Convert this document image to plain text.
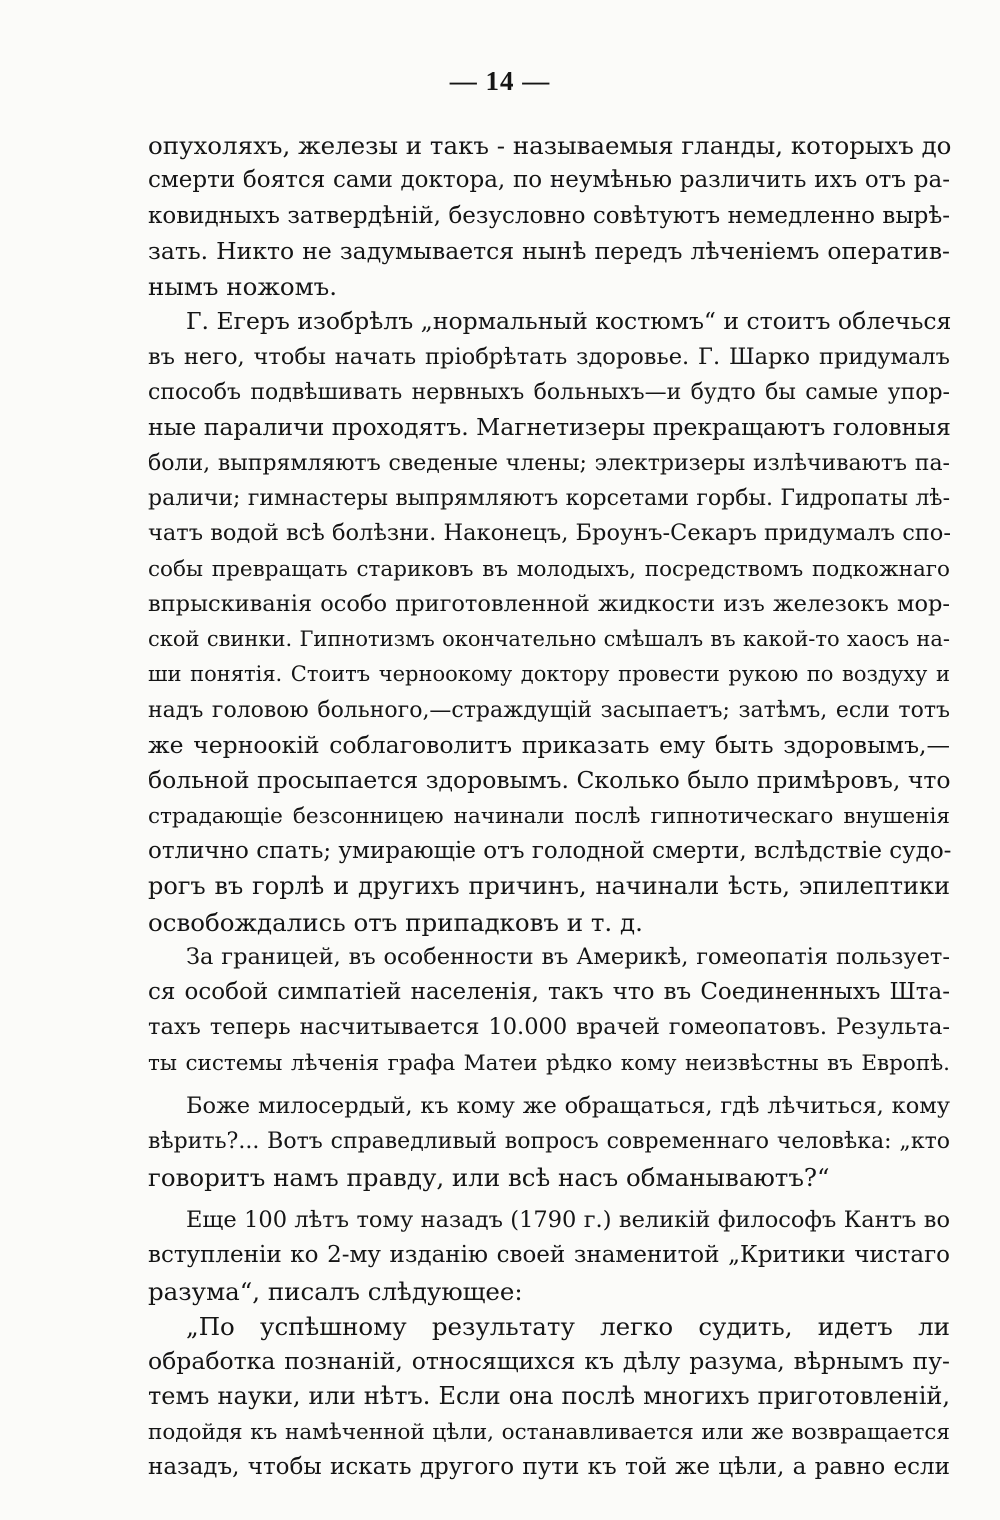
— 14 —
опухоляхъ, железы и такъ - называемыя гланды, которыхъ до
смерти боятся сами доктора, по неумѣнью различить ихъ отъ ра-
ковидныхъ затвердѣній, безусловно совѣтуютъ немедленно вырѣ-
зать. Никто не задумывается нынѣ передъ лѣченіемъ оператив-
нымъ ножомъ.
Г. Егеръ изобрѣлъ „нормальный костюмъ“ и стоитъ облечься
въ него, чтобы начать пріобрѣтать здоровье. Г. Шарко придумалъ
способъ подвѣшивать нервныхъ больныхъ—и будто бы самые упор-
ные параличи проходятъ. Магнетизеры прекращаютъ головныя
боли, выпрямляютъ сведеные члены; электризеры излѣчиваютъ па-
раличи; гимнастеры выпрямляютъ корсетами горбы. Гидропаты лѣ-
чатъ водой всѣ болѣзни. Наконецъ, Броунъ-Секаръ придумалъ спо-
собы превращать стариковъ въ молодыхъ, посредствомъ подкожнаго
впрыскиванія особо приготовленной жидкости изъ железокъ мор-
ской свинки. Гипнотизмъ окончательно смѣшалъ въ какой-то хаосъ на-
ши понятія. Стоитъ черноокому доктору провести рукою по воздуху и
надъ головою больного,—страждущій засыпаетъ; затѣмъ, если тотъ
же черноокій соблаговолитъ приказать ему быть здоровымъ,—
больной просыпается здоровымъ. Сколько было примѣровъ, что
страдающіе безсонницею начинали послѣ гипнотическаго внушенія
отлично спать; умирающіе отъ голодной смерти, вслѣдствіе судо-
рогъ въ горлѣ и другихъ причинъ, начинали ѣсть, эпилептики
освобождались отъ припадковъ и т. д.
За границей, въ особенности въ Америкѣ, гомеопатія пользует-
ся особой симпатіей населенія, такъ что въ Соединенныхъ Шта-
тахъ теперь насчитывается 10.000 врачей гомеопатовъ. Результа-
ты системы лѣченія графа Матеи рѣдко кому неизвѣстны въ Европѣ.
Боже милосердый, къ кому же обращаться, гдѣ лѣчиться, кому
вѣрить?... Вотъ справедливый вопросъ современнаго человѣка: „кто
говоритъ намъ правду, или всѣ насъ обманываютъ?“
Еще 100 лѣтъ тому назадъ (1790 г.) великій философъ Кантъ во
вступленіи ко 2-му изданію своей знаменитой „Критики чистаго
разума“, писалъ слѣдующее:
„По успѣшному результату легко судить, идетъ ли
обработка познаній, относящихся къ дѣлу разума, вѣрнымъ пу-
темъ науки, или нѣтъ. Если она послѣ многихъ приготовленій,
подойдя къ намѣченной цѣли, останавливается или же возвращается
назадъ, чтобы искать другого пути къ той же цѣли, а равно если
